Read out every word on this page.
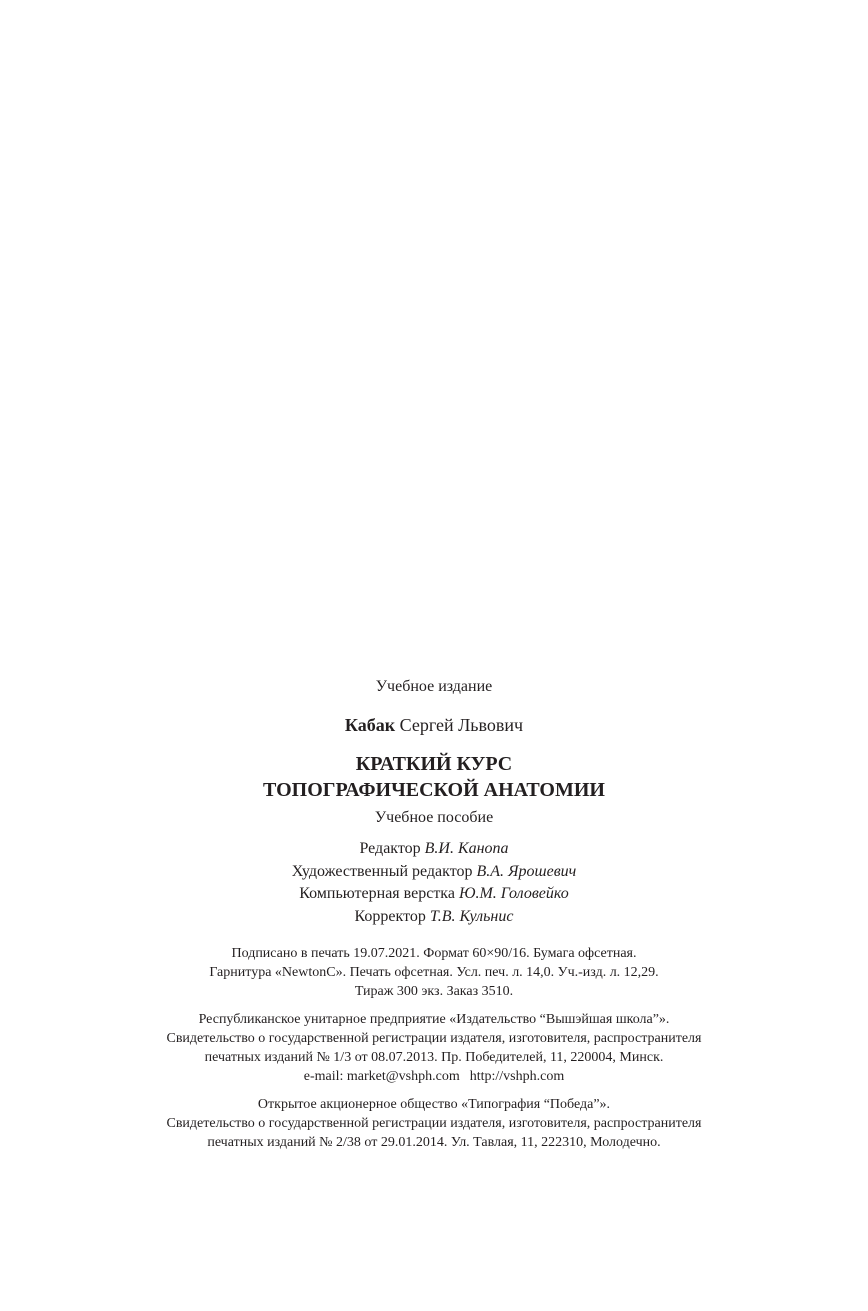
Учебное издание

Кабак Сергей Львович

КРАТКИЙ КУРС

ТОПОГРАФИЧЕСКОЙ АНАТОМИИ

Учебное пособие

Редактор В.И. Канопа

Художественный редактор В.А. Ярошевич

Компьютерная верстка Ю.М. Головейко

Корректор Т.В. Кульнис

Подписано в печать 19.07.2021. Формат 60×90/16. Бумага офсетная.

Гарнитура «NewtonC». Печать офсетная. Усл. печ. л. 14,0. Уч.-изд. л. 12,29.

Тираж 300 экз. Заказ 3510.

Республиканское унитарное предприятие «Издательство “Вышэйшая школа”».

Свидетельство о государственной регистрации издателя, изготовителя, распространителя

печатных изданий № 1/3 от 08.07.2013. Пр. Победителей, 11, 220004, Минск.

e-mail: market@vshph.com http://vshph.com

Открытое акционерное общество «Типография “Победа”».

Свидетельство о государственной регистрации издателя, изготовителя, распространителя

печатных изданий № 2/38 от 29.01.2014. Ул. Тавлая, 11, 222310, Молодечно.
